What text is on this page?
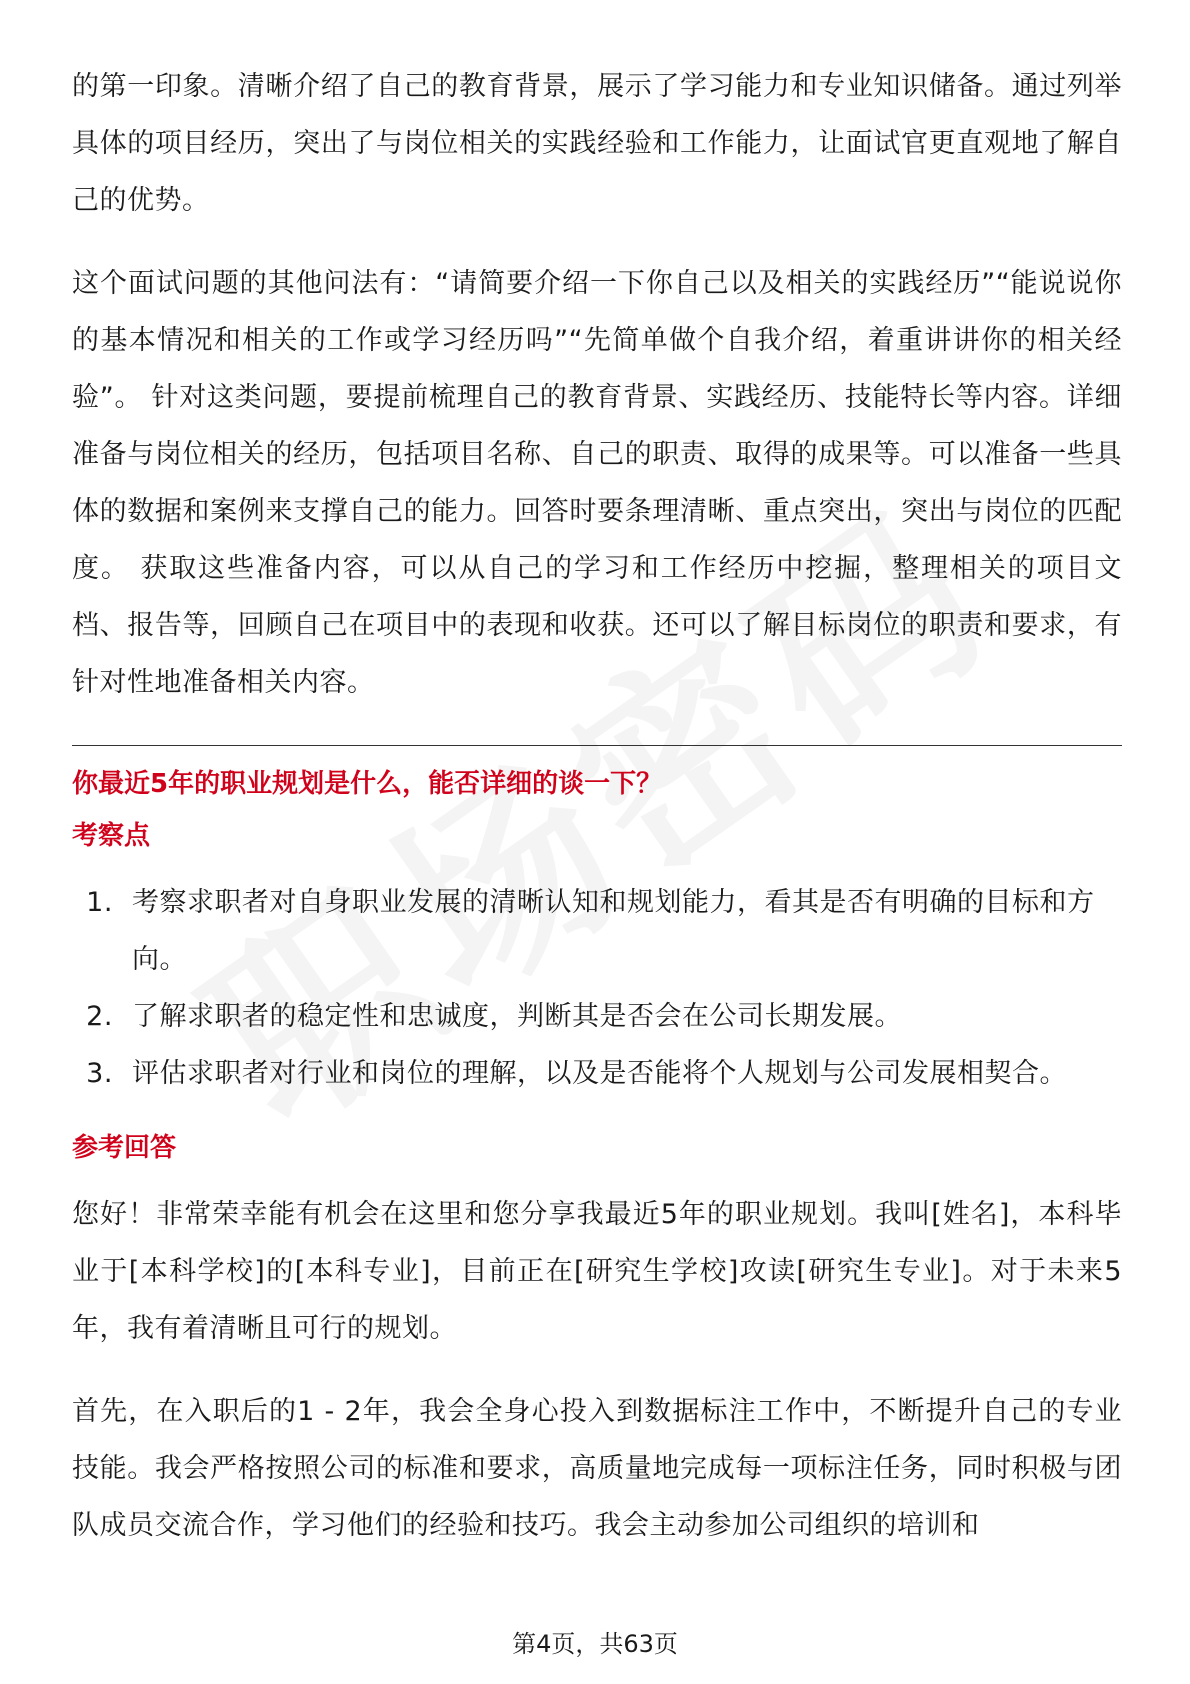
的第一印象。清晰介绍了自己的教育背景，展示了学习能力和专业知识储备。通过列举具体的项目经历，突出了与岗位相关的实践经验和工作能力，让面试官更直观地了解自己的优势。

这个面试问题的其他问法有：“请简要介绍一下你自己以及相关的实践经历”“能说说你的基本情况和相关的工作或学习经历吗”“先简单做个自我介绍，着重讲讲你的相关经验”。 针对这类问题，要提前梳理自己的教育背景、实践经历、技能特长等内容。详细准备与岗位相关的经历，包括项目名称、自己的职责、取得的成果等。可以准备一些具体的数据和案例来支撑自己的能力。回答时要条理清晰、重点突出，突出与岗位的匹配度。 获取这些准备内容，可以从自己的学习和工作经历中挖掘，整理相关的项目文档、报告等，回顾自己在项目中的表现和收获。还可以了解目标岗位的职责和要求，有针对性地准备相关内容。

你最近5年的职业规划是什么，能否详细的谈一下？
考察点
1. 考察求职者对自身职业发展的清晰认知和规划能力，看其是否有明确的目标和方向。
2. 了解求职者的稳定性和忠诚度，判断其是否会在公司长期发展。
3. 评估求职者对行业和岗位的理解，以及是否能将个人规划与公司发展相契合。
参考回答

您好！非常荣幸能有机会在这里和您分享我最近5年的职业规划。我叫[姓名]，本科毕业于[本科学校]的[本科专业]，目前正在[研究生学校]攻读[研究生专业]。对于未来5年，我有着清晰且可行的规划。

首先，在入职后的1 - 2年，我会全身心投入到数据标注工作中，不断提升自己的专业技能。我会严格按照公司的标准和要求，高质量地完成每一项标注任务，同时积极与团队成员交流合作，学习他们的经验和技巧。我会主动参加公司组织的培训和

第4页，共63页
